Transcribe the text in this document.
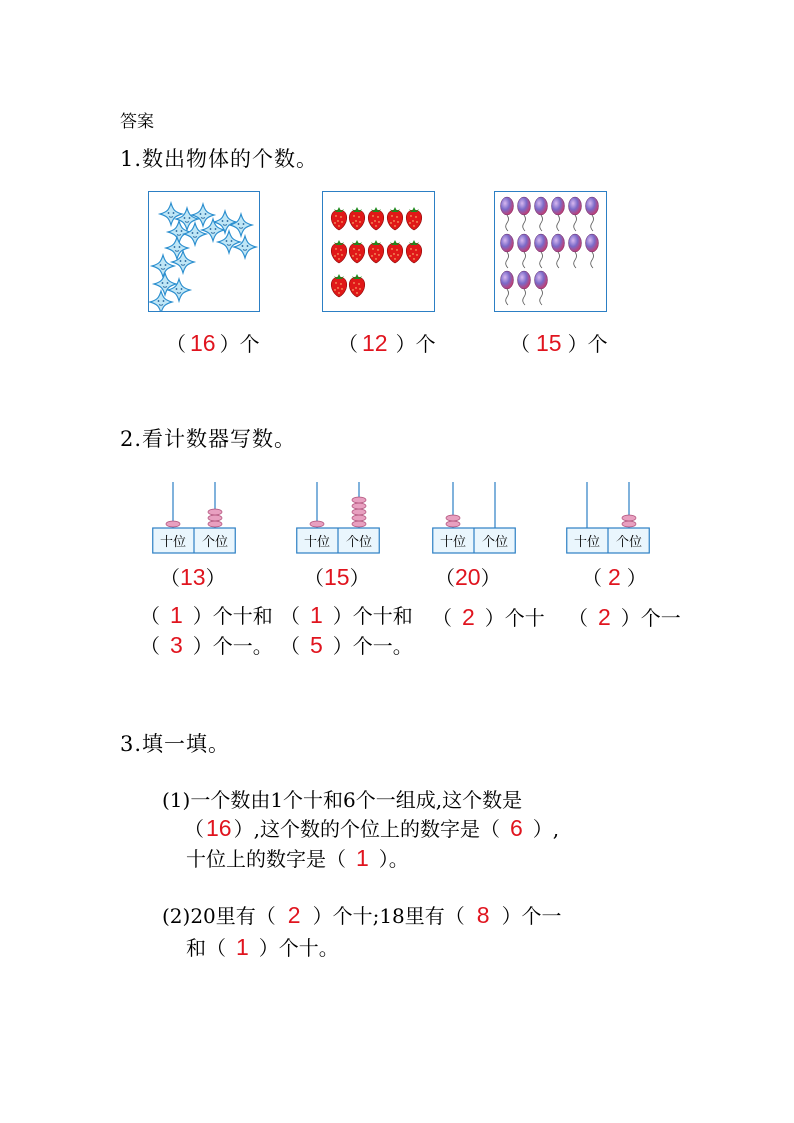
答案
1.数出物体的个数。
（ 16 ）个	（ 12 ）个	（ 15 ）个
2.看计数器写数。
十位 个位	十位 个位	十位 个位	十位 个位
（13）	（15）	（20）	（ 2 ）
（ 1 ）个十和
（ 3 ）个一。
（ 1 ）个十和
（ 5 ）个一。
（ 2 ）个十 （ 2 ）个一
3.填一填。
(1)一个数由1个十和6个一组成,这个数是
（16 ）,这个数的个位上的数字是（ 6 ）,
十位上的数字是（ 1 ）。
(2)20里有（ 2 ）个十;18里有（ 8 ）个一
和（ 1 ）个十。
